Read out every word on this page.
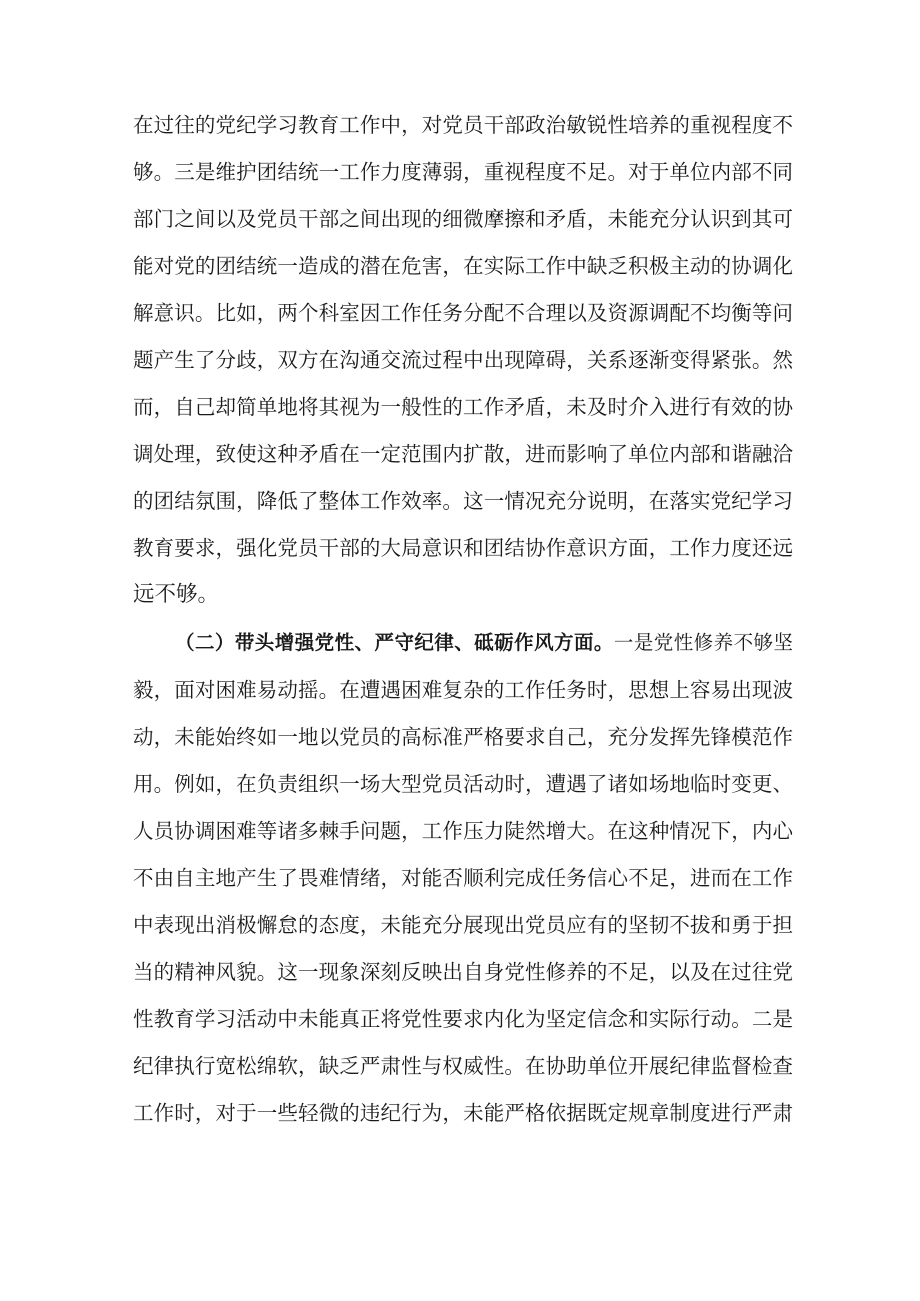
在过往的党纪学习教育工作中，对党员干部政治敏锐性培养的重视程度不
够。三是维护团结统一工作力度薄弱，重视程度不足。对于单位内部不同
部门之间以及党员干部之间出现的细微摩擦和矛盾，未能充分认识到其可
能对党的团结统一造成的潜在危害，在实际工作中缺乏积极主动的协调化
解意识。比如，两个科室因工作任务分配不合理以及资源调配不均衡等问
题产生了分歧，双方在沟通交流过程中出现障碍，关系逐渐变得紧张。然
而，自己却简单地将其视为一般性的工作矛盾，未及时介入进行有效的协
调处理，致使这种矛盾在一定范围内扩散，进而影响了单位内部和谐融洽
的团结氛围，降低了整体工作效率。这一情况充分说明，在落实党纪学习
教育要求，强化党员干部的大局意识和团结协作意识方面，工作力度还远
远不够。
（二）带头增强党性、严守纪律、砥砺作风方面。一是党性修养不够坚
毅，面对困难易动摇。在遭遇困难复杂的工作任务时，思想上容易出现波
动，未能始终如一地以党员的高标准严格要求自己，充分发挥先锋模范作
用。例如，在负责组织一场大型党员活动时，遭遇了诸如场地临时变更、
人员协调困难等诸多棘手问题，工作压力陡然增大。在这种情况下，内心
不由自主地产生了畏难情绪，对能否顺利完成任务信心不足，进而在工作
中表现出消极懈怠的态度，未能充分展现出党员应有的坚韧不拔和勇于担
当的精神风貌。这一现象深刻反映出自身党性修养的不足，以及在过往党
性教育学习活动中未能真正将党性要求内化为坚定信念和实际行动。二是
纪律执行宽松绵软，缺乏严肃性与权威性。在协助单位开展纪律监督检查
工作时，对于一些轻微的违纪行为，未能严格依据既定规章制度进行严肃
